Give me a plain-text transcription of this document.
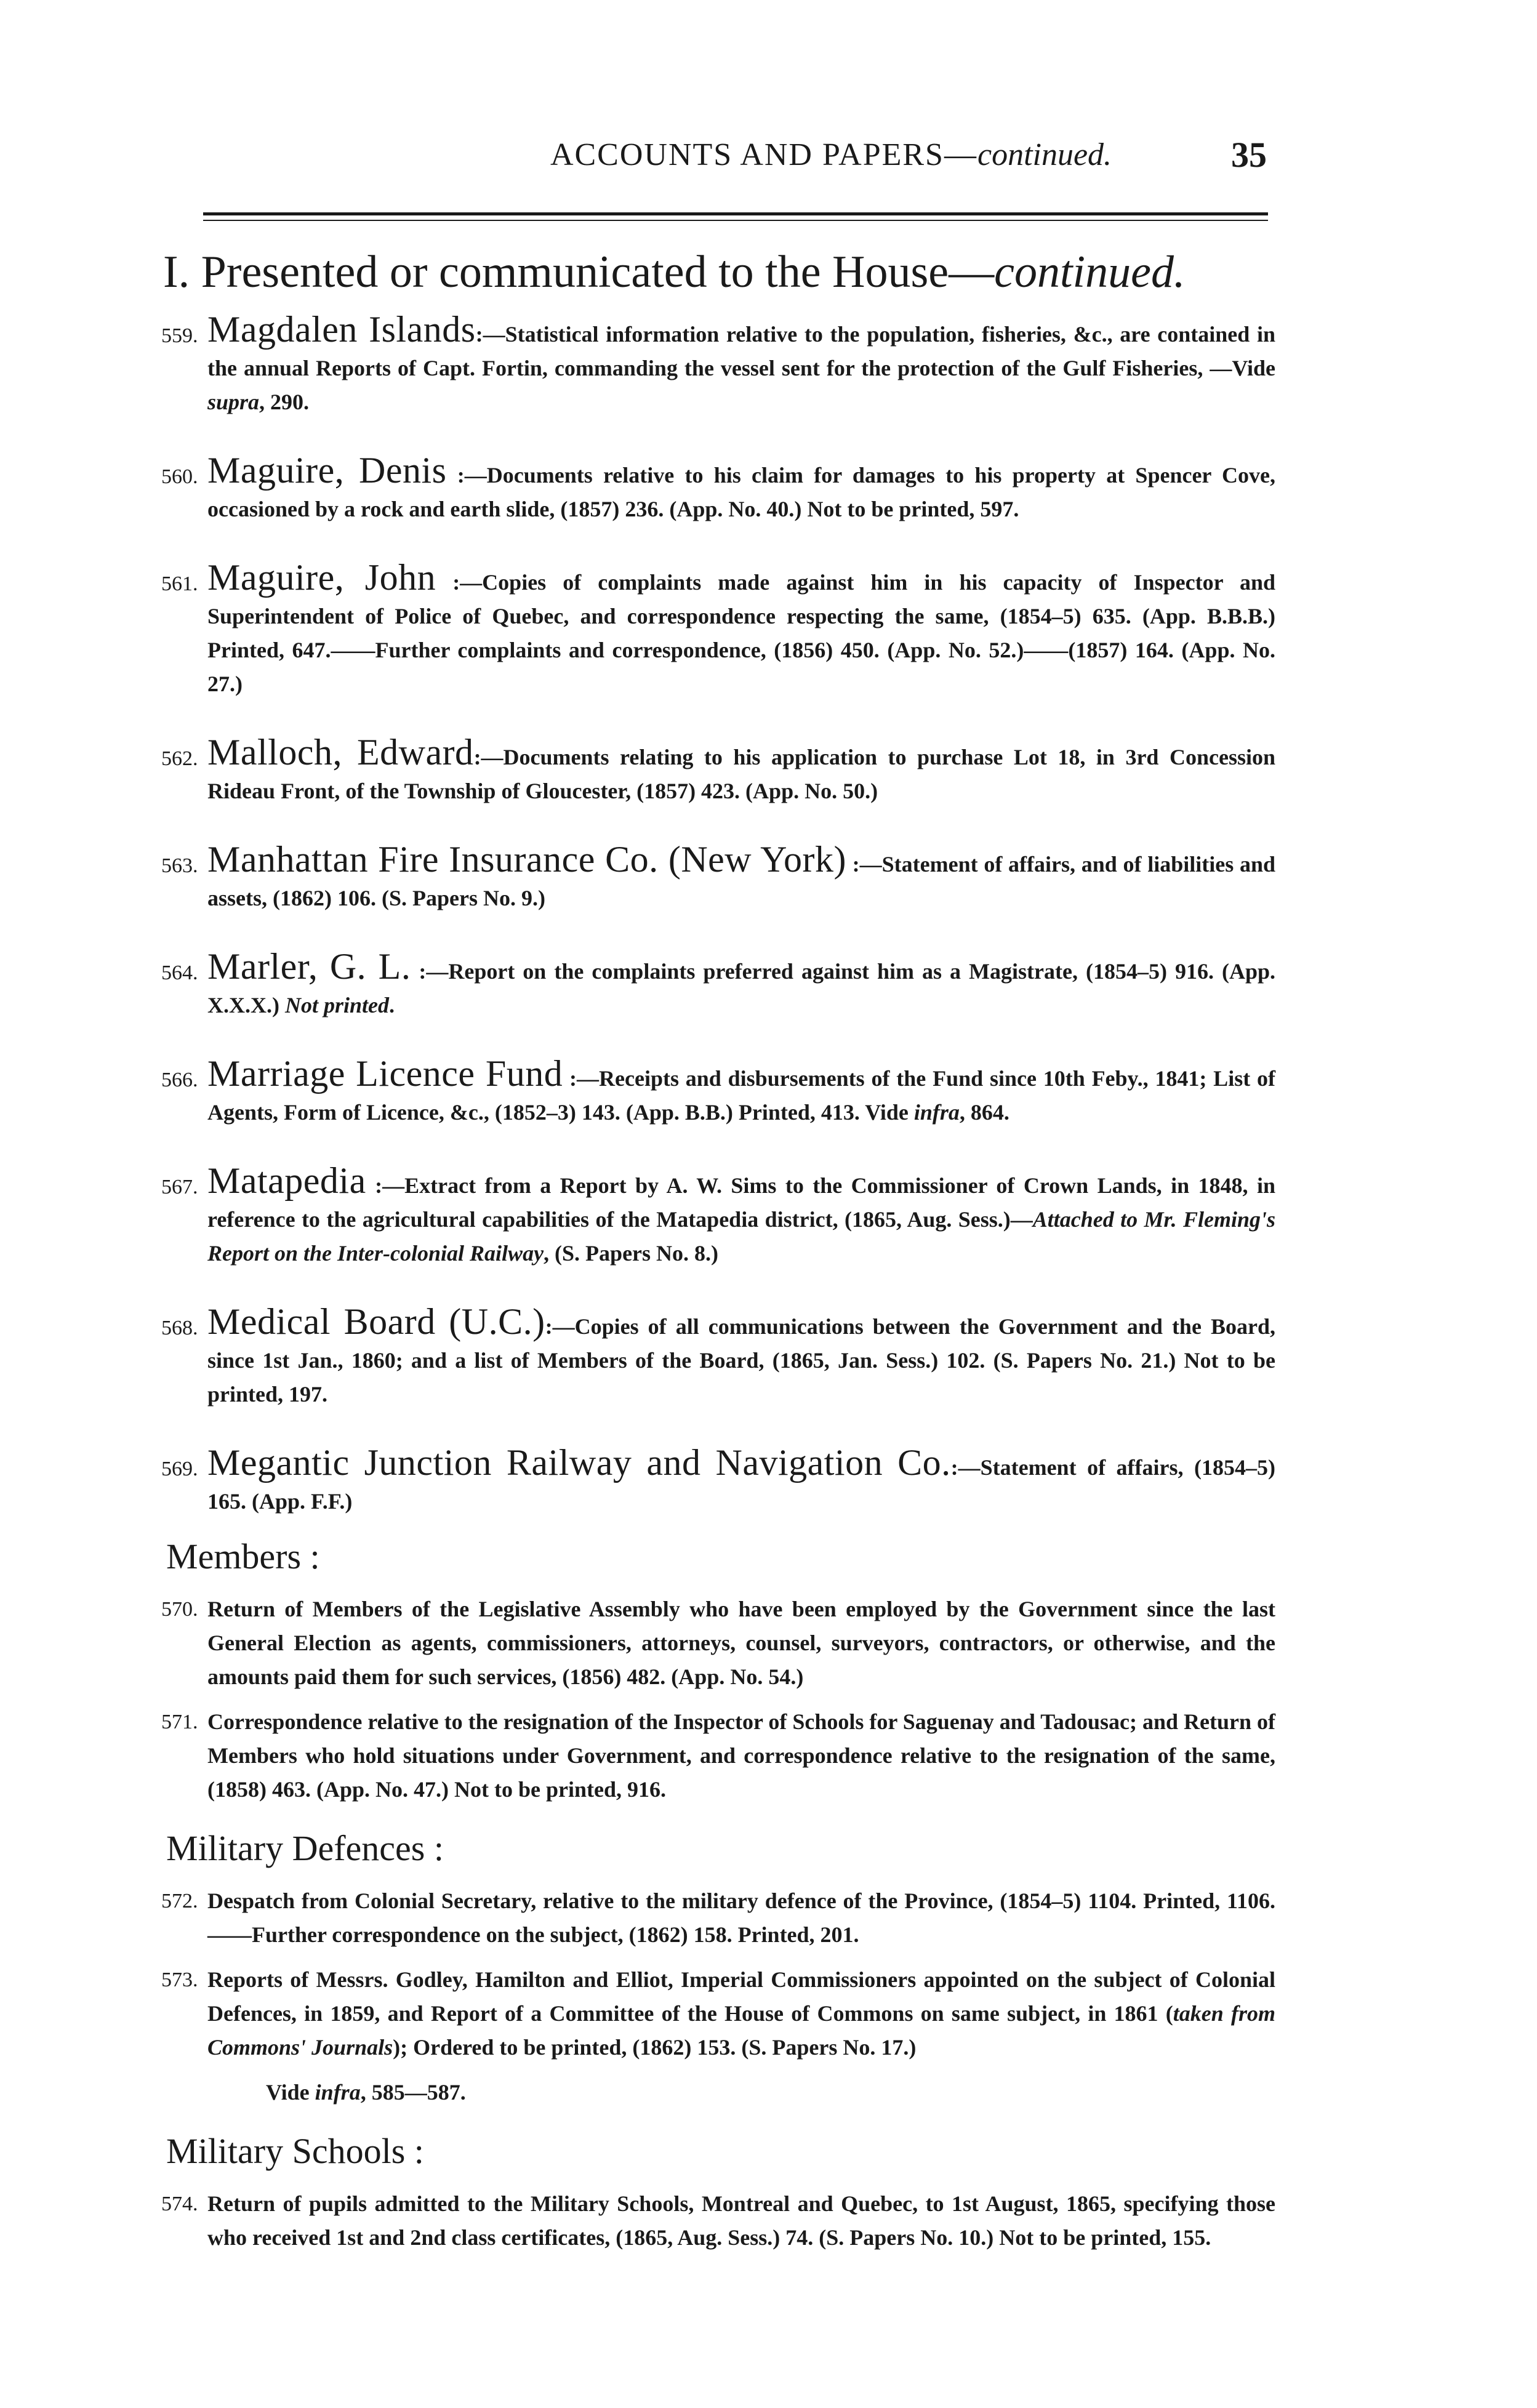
ACCOUNTS AND PAPERS—continued.	35
I. Presented or communicated to the House—continued.
559. Magdalen Islands:—Statistical information relative to the population, fisheries, &c., are contained in the annual Reports of Capt. Fortin, commanding the vessel sent for the protection of the Gulf Fisheries, —Vide supra, 290.
560. Maguire, Denis :—Documents relative to his claim for damages to his property at Spencer Cove, occasioned by a rock and earth slide, (1857) 236. (App. No. 40.) Not to be printed, 597.
561. Maguire, John :—Copies of complaints made against him in his capacity of Inspector and Superintendent of Police of Quebec, and correspondence respecting the same, (1854–5) 635. (App. B.B.B.) Printed, 647.——Further complaints and correspondence, (1856) 450. (App. No. 52.)——(1857) 164. (App. No. 27.)
562. Malloch, Edward:—Documents relating to his application to purchase Lot 18, in 3rd Concession Rideau Front, of the Township of Gloucester, (1857) 423. (App. No. 50.)
563. Manhattan Fire Insurance Co. (New York) :—Statement of affairs, and of liabilities and assets, (1862) 106. (S. Papers No. 9.)
564. Marler, G. L. :—Report on the complaints preferred against him as a Magistrate, (1854–5) 916. (App. X.X.X.) Not printed.
566. Marriage Licence Fund :—Receipts and disbursements of the Fund since 10th Feby., 1841; List of Agents, Form of Licence, &c., (1852–3) 143. (App. B.B.) Printed, 413. Vide infra, 864.
567. Matapedia :—Extract from a Report by A. W. Sims to the Commissioner of Crown Lands, in 1848, in reference to the agricultural capabilities of the Matapedia district, (1865, Aug. Sess.)—Attached to Mr. Fleming's Report on the Inter-colonial Railway, (S. Papers No. 8.)
568. Medical Board (U.C.):—Copies of all communications between the Government and the Board, since 1st Jan., 1860; and a list of Members of the Board, (1865, Jan. Sess.) 102. (S. Papers No. 21.) Not to be printed, 197.
569. Megantic Junction Railway and Navigation Co.:—Statement of affairs, (1854–5) 165. (App. F.F.)
Members :
570. Return of Members of the Legislative Assembly who have been employed by the Government since the last General Election as agents, commissioners, attorneys, counsel, surveyors, contractors, or otherwise, and the amounts paid them for such services, (1856) 482. (App. No. 54.)
571. Correspondence relative to the resignation of the Inspector of Schools for Saguenay and Tadousac; and Return of Members who hold situations under Government, and correspondence relative to the resignation of the same, (1858) 463. (App. No. 47.) Not to be printed, 916.
Military Defences :
572. Despatch from Colonial Secretary, relative to the military defence of the Province, (1854–5) 1104. Printed, 1106.——Further correspondence on the subject, (1862) 158. Printed, 201.
573. Reports of Messrs. Godley, Hamilton and Elliot, Imperial Commissioners appointed on the subject of Colonial Defences, in 1859, and Report of a Committee of the House of Commons on same subject, in 1861 (taken from Commons' Journals); Ordered to be printed, (1862) 153. (S. Papers No. 17.)
Vide infra, 585—587.
Military Schools :
574. Return of pupils admitted to the Military Schools, Montreal and Quebec, to 1st August, 1865, specifying those who received 1st and 2nd class certificates, (1865, Aug. Sess.) 74. (S. Papers No. 10.) Not to be printed, 155.
